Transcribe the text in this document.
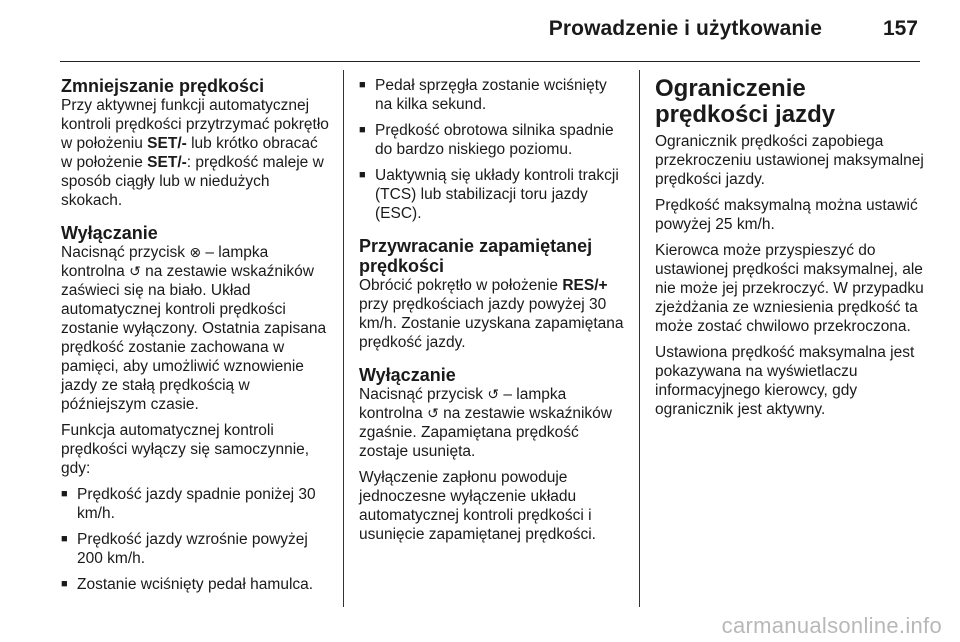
Prowadzenie i użytkowanie	157
Zmniejszanie prędkości

Przy aktywnej funkcji automatycznej kontroli prędkości przytrzymać pokrętło w położeniu SET/- lub krótko obracać w położenie SET/-: prędkość maleje w sposób ciągły lub w niedużych skokach.

Wyłączanie

Nacisnąć przycisk ⊗ – lampka kontrolna ↺ na zestawie wskaźników zaświeci się na biało. Układ automatycznej kontroli prędkości zostanie wyłączony. Ostatnia zapisana prędkość zostanie zachowana w pamięci, aby umożliwić wznowienie jazdy ze stałą prędkością w późniejszym czasie.

Funkcja automatycznej kontroli prędkości wyłączy się samoczynnie, gdy:

■ Prędkość jazdy spadnie poniżej 30 km/h.
■ Prędkość jazdy wzrośnie powyżej 200 km/h.
■ Zostanie wciśnięty pedał hamulca.
■ Pedał sprzęgła zostanie wciśnięty na kilka sekund.
■ Prędkość obrotowa silnika spadnie do bardzo niskiego poziomu.
■ Uaktywnią się układy kontroli trakcji (TCS) lub stabilizacji toru jazdy (ESC).
Przywracanie zapamiętanej prędkości

Obrócić pokrętło w położenie RES/+ przy prędkościach jazdy powyżej 30 km/h. Zostanie uzyskana zapamiętana prędkość jazdy.

Wyłączanie

Nacisnąć przycisk ↺ – lampka kontrolna ↺ na zestawie wskaźników zgaśnie. Zapamiętana prędkość zostaje usunięta.

Wyłączenie zapłonu powoduje jednoczesne wyłączenie układu automatycznej kontroli prędkości i usunięcie zapamiętanej prędkości.

Ograniczenie prędkości jazdy

Ogranicznik prędkości zapobiega przekroczeniu ustawionej maksymalnej prędkości jazdy.

Prędkość maksymalną można ustawić powyżej 25 km/h.

Kierowca może przyspieszyć do ustawionej prędkości maksymalnej, ale nie może jej przekroczyć. W przypadku zjeżdżania ze wzniesienia prędkość ta może zostać chwilowo przekroczona.

Ustawiona prędkość maksymalna jest pokazywana na wyświetlaczu informacyjnego kierowcy, gdy ogranicznik jest aktywny.

carmanualsonline.info
